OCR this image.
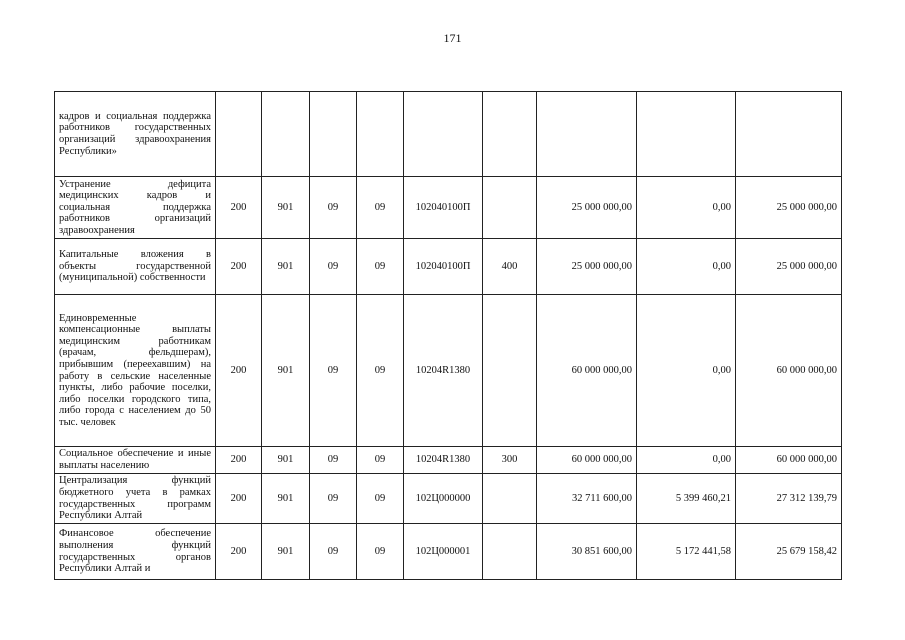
171
кадров и социальная поддержка работников государственных организаций здравоохранения Республики»									
Устранение дефицита медицинских кадров и социальная поддержка работников организаций здравоохранения	200	901	09	09	102040100П		25 000 000,00	0,00	25 000 000,00
Капитальные вложения в объекты государственной (муниципальной) собственности	200	901	09	09	102040100П	400	25 000 000,00	0,00	25 000 000,00
Единовременные компенсационные выплаты медицинским работникам (врачам, фельдшерам), прибывшим (переехавшим) на работу в сельские населенные пункты, либо рабочие поселки, либо поселки городского типа, либо города с населением до 50 тыс. человек	200	901	09	09	10204R1380		60 000 000,00	0,00	60 000 000,00
Социальное обеспечение и иные выплаты населению	200	901	09	09	10204R1380	300	60 000 000,00	0,00	60 000 000,00
Централизация функций бюджетного учета в рамках государственных программ Республики Алтай	200	901	09	09	102Ц000000		32 711 600,00	5 399 460,21	27 312 139,79
Финансовое обеспечение выполнения функций государственных органов Республики Алтай и	200	901	09	09	102Ц000001		30 851 600,00	5 172 441,58	25 679 158,42
